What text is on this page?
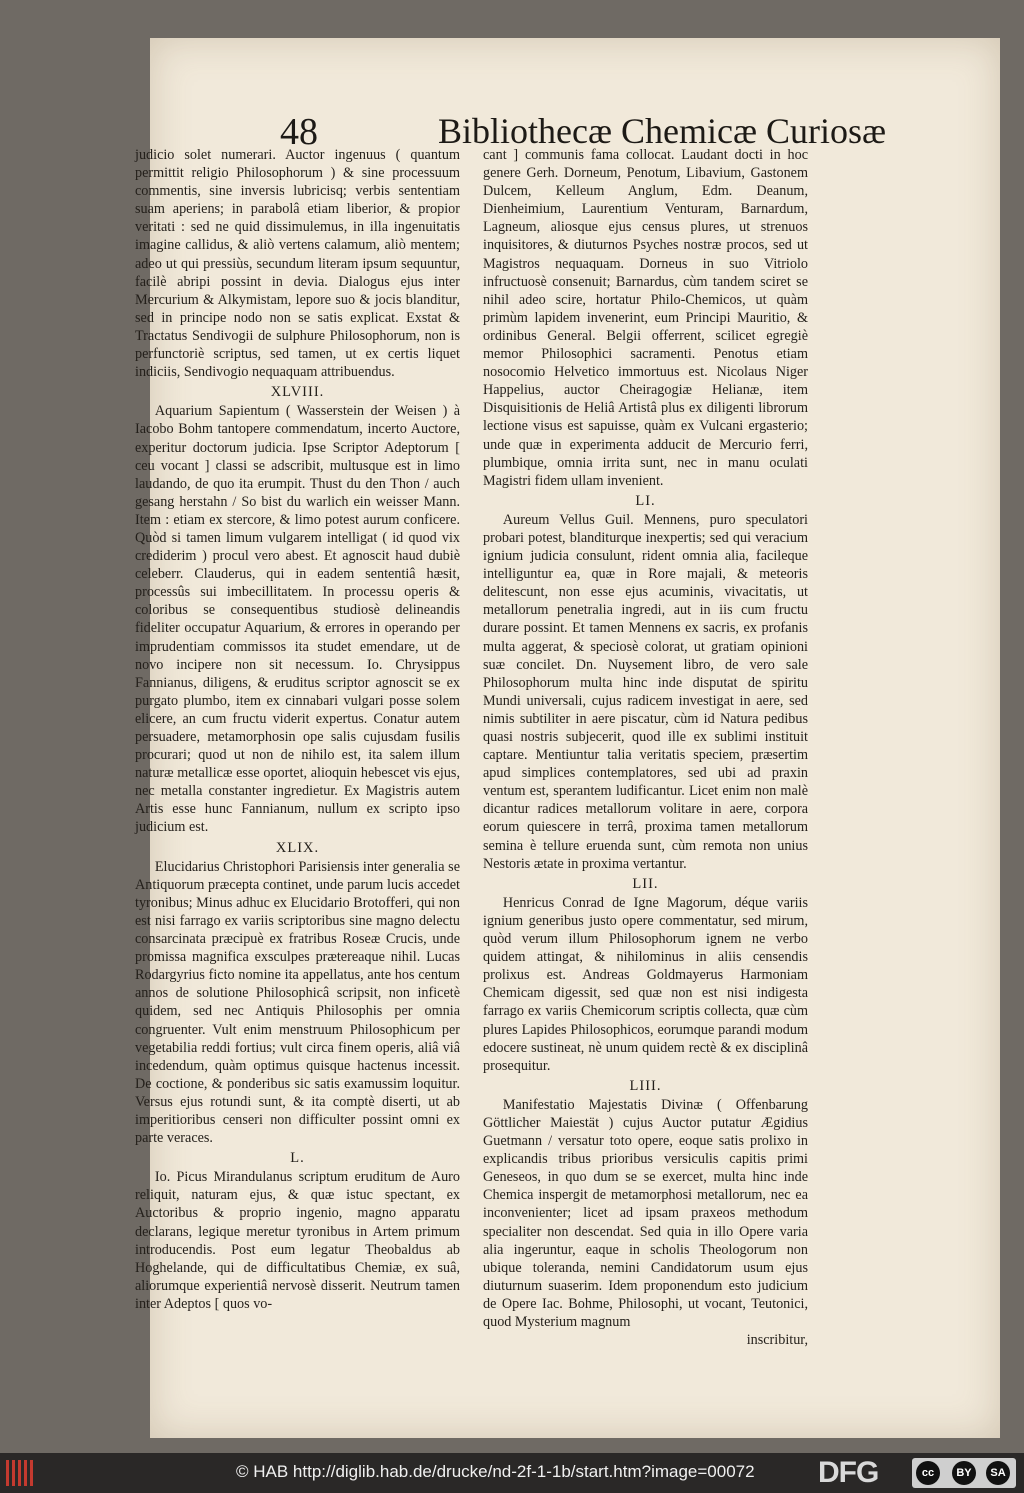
48	Bibliothecæ Chemicæ Curiosæ

judicio solet numerari. Auctor ingenuus ( quantum permittit religio Philosophorum ) & sine processuum commentis, sine inversis lubricisq; verbis sententiam suam aperiens; in parabolâ etiam liberior, & propior veritati : sed ne quid dissimulemus, in illa ingenuitatis imagine callidus, & aliò vertens calamum, aliò mentem; adeo ut qui pressiùs, secundum literam ipsum sequuntur, facilè abripi possint in devia. Dialogus ejus inter Mercurium & Alkymistam, lepore suo & jocis blanditur, sed in principe nodo non se satis explicat. Exstat & Tractatus Sendivogii de sulphure Philosophorum, non is perfunctoriè scriptus, sed tamen, ut ex certis liquet indiciis, Sendivogio nequaquam attribuendus.

XLVIII.

Aquarium Sapientum ( Wasserstein der Weisen ) à Iacobo Bohm tantopere commendatum, incerto Auctore, experitur doctorum judicia. Ipse Scriptor Adeptorum [ ceu vocant ] classi se adscribit, multusque est in limo laudando, de quo ita erumpit. Thust du den Thon / auch gesang herstahn / So bist du warlich ein weisser Mann. Item : etiam ex stercore, & limo potest aurum conficere. Quòd si tamen limum vulgarem intelligat ( id quod vix crediderim ) procul vero abest. Et agnoscit haud dubiè celeberr. Clauderus, qui in eadem sententiâ hæsit, processûs sui imbecillitatem. In processu operis & coloribus se consequentibus studiosè delineandis fideliter occupatur Aquarium, & errores in operando per imprudentiam commissos ita studet emendare, ut de novo incipere non sit necessum. Io. Chrysippus Fannianus, diligens, & eruditus scriptor agnoscit se ex purgato plumbo, item ex cinnabari vulgari posse solem elicere, an cum fructu viderit expertus. Conatur autem persuadere, metamorphosin ope salis cujusdam fusilis procurari; quod ut non de nihilo est, ita salem illum naturæ metallicæ esse oportet, alioquin hebescet vis ejus, nec metalla constanter ingredietur. Ex Magistris autem Artis esse hunc Fannianum, nullum ex scripto ipso judicium est.

XLIX.

Elucidarius Christophori Parisiensis inter generalia se Antiquorum præcepta continet, unde parum lucis accedet tyronibus; Minus adhuc ex Elucidario Brotofferi, qui non est nisi farrago ex variis scriptoribus sine magno delectu consarcinata præcipuè ex fratribus Roseæ Crucis, unde promissa magnifica exsculpes prætereaque nihil. Lucas Rodargyrius ficto nomine ita appellatus, ante hos centum annos de solutione Philosophicâ scripsit, non inficetè quidem, sed nec Antiquis Philosophis per omnia congruenter. Vult enim menstruum Philosophicum per vegetabilia reddi fortius; vult circa finem operis, aliâ viâ incedendum, quàm optimus quisque hactenus incessit. De coctione, & ponderibus sic satis examussim loquitur. Versus ejus rotundi sunt, & ita comptè diserti, ut ab imperitioribus censeri non difficulter possint omni ex parte veraces.

L.

Io. Picus Mirandulanus scriptum eruditum de Auro reliquit, naturam ejus, & quæ istuc spectant, ex Auctoribus & proprio ingenio, magno apparatu declarans, legique meretur tyronibus in Artem primum introducendis. Post eum legatur Theobaldus ab Hoghelande, qui de difficultatibus Chemiæ, ex suâ, aliorumque experientiâ nervosè disserit. Neutrum tamen inter Adeptos [ quos vo-

cant ] communis fama collocat. Laudant docti in hoc genere Gerh. Dorneum, Penotum, Libavium, Gastonem Dulcem, Kelleum Anglum, Edm. Deanum, Dienheimium, Laurentium Venturam, Barnardum, Lagneum, aliosque ejus census plures, ut strenuos inquisitores, & diuturnos Psyches nostræ procos, sed ut Magistros nequaquam. Dorneus in suo Vitriolo infructuosè consenuit; Barnardus, cùm tandem sciret se nihil adeo scire, hortatur Philo-Chemicos, ut quàm primùm lapidem invenerint, eum Principi Mauritio, & ordinibus General. Belgii offerrent, scilicet egregiè memor Philosophici sacramenti. Penotus etiam nosocomio Helvetico immortuus est. Nicolaus Niger Happelius, auctor Cheiragogiæ Helianæ, item Disquisitionis de Heliâ Artistâ plus ex diligenti librorum lectione visus est sapuisse, quàm ex Vulcani ergasterio; unde quæ in experimenta adducit de Mercurio ferri, plumbique, omnia irrita sunt, nec in manu oculati Magistri fidem ullam invenient.

LI.

Aureum Vellus Guil. Mennens, puro speculatori probari potest, blanditurque inexpertis; sed qui veracium ignium judicia consulunt, rident omnia alia, facileque intelliguntur ea, quæ in Rore majali, & meteoris delitescunt, non esse ejus acuminis, vivacitatis, ut metallorum penetralia ingredi, aut in iis cum fructu durare possint. Et tamen Mennens ex sacris, ex profanis multa aggerat, & speciosè colorat, ut gratiam opinioni suæ concilet. Dn. Nuysement libro, de vero sale Philosophorum multa hinc inde disputat de spiritu Mundi universali, cujus radicem investigat in aere, sed nimis subtiliter in aere piscatur, cùm id Natura pedibus quasi nostris subjecerit, quod ille ex sublimi instituit captare. Mentiuntur talia veritatis speciem, præsertim apud simplices contemplatores, sed ubi ad praxin ventum est, sperantem ludificantur. Licet enim non malè dicantur radices metallorum volitare in aere, corpora eorum quiescere in terrâ, proxima tamen metallorum semina è tellure eruenda sunt, cùm remota non unius Nestoris ætate in proxima vertantur.

LII.

Henricus Conrad de Igne Magorum, déque variis ignium generibus justo opere commentatur, sed mirum, quòd verum illum Philosophorum ignem ne verbo quidem attingat, & nihilominus in aliis censendis prolixus est. Andreas Goldmayerus Harmoniam Chemicam digessit, sed quæ non est nisi indigesta farrago ex variis Chemicorum scriptis collecta, quæ cùm plures Lapides Philosophicos, eorumque parandi modum edocere sustineat, nè unum quidem rectè & ex disciplinâ prosequitur.

LIII.

Manifestatio Majestatis Divinæ ( Offenbarung Göttlicher Maiestät ) cujus Auctor putatur Ægidius Guetmann / versatur toto opere, eoque satis prolixo in explicandis tribus prioribus versiculis capitis primi Geneseos, in quo dum se se exercet, multa hinc inde Chemica inspergit de metamorphosi metallorum, nec ea inconvenienter; licet ad ipsam praxeos methodum specialiter non descendat. Sed quia in illo Opere varia alia ingeruntur, eaque in scholis Theologorum non ubique toleranda, nemini Candidatorum usum ejus diuturnum suaserim. Idem proponendum esto judicium de Opere Iac. Bohme, Philosophi, ut vocant, Teutonici, quod Mysterium magnum

inscribitur,
© HAB http://diglib.hab.de/drucke/nd-2f-1-1b/start.htm?image=00072 DFG	cc	BY	SA
